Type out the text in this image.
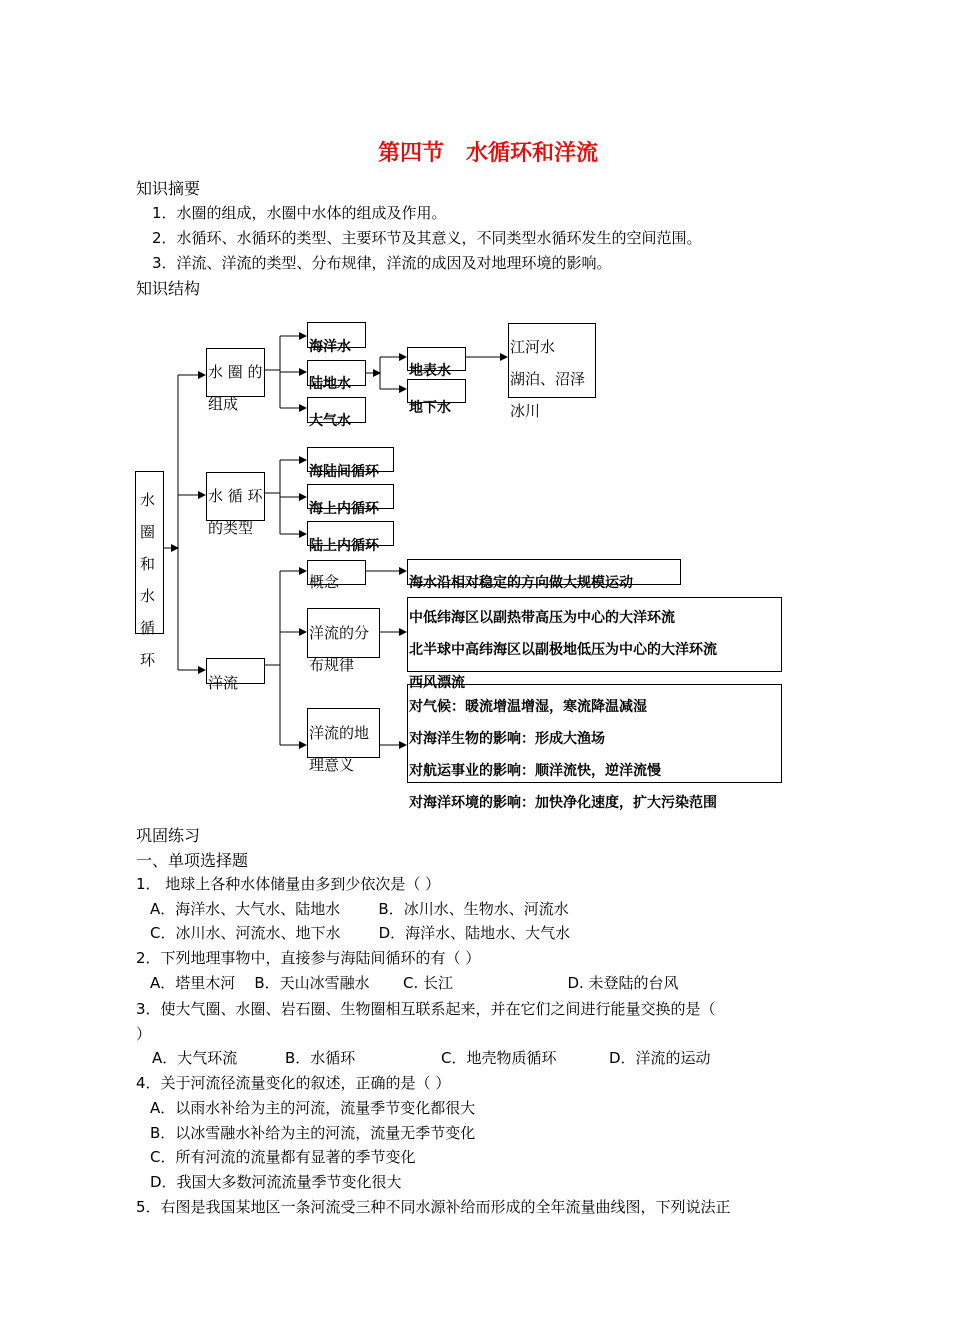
第四节　水循环和洋流
知识摘要
1．水圈的组成，水圈中水体的组成及作用。
2．水循环、水循环的类型、主要环节及其意义，不同类型水循环发生的空间范围。
3．洋流、洋流的类型、分布规律，洋流的成因及对地理环境的影响。
知识结构
水
圈
和
水
循
环
水 圈 的
组成
海洋水
陆地水
大气水
地表水
地下水
江河水
湖泊、沼泽
冰川
水 循 环
的类型
海陆间循环
海上内循环
陆上内循环
洋流
概念	海水沿相对稳定的方向做大规模运动
洋流的分
布规律
中低纬海区以副热带高压为中心的大洋环流
北半球中高纬海区以副极地低压为中心的大洋环流
西风漂流
洋流的地
理意义
对气候：暖流增温增湿，寒流降温减湿
对海洋生物的影响：形成大渔场
对航运事业的影响：顺洋流快，逆洋流慢
对海洋环境的影响：加快净化速度，扩大污染范围
巩固练习
一、单项选择题
1． 地球上各种水体储量由多到少依次是（ ）
A．海洋水、大气水、陆地水        B．冰川水、生物水、河流水
C．冰川水、河流水、地下水        D．海洋水、陆地水、大气水
2．下列地理事物中，直接参与海陆间循环的有（ ）
A．塔里木河    B．天山冰雪融水       C. 长江                        D. 未登陆的台风
3．使大气圈、水圈、岩石圈、生物圈相互联系起来，并在它们之间进行能量交换的是（
）
A．大气环流          B．水循环                  C．地壳物质循环           D．洋流的运动
4．关于河流径流量变化的叙述，正确的是（ ）
A．以雨水补给为主的河流，流量季节变化都很大
B．以冰雪融水补给为主的河流，流量无季节变化
C．所有河流的流量都有显著的季节变化
D．我国大多数河流流量季节变化很大
5．右图是我国某地区一条河流受三种不同水源补给而形成的全年流量曲线图，下列说法正
